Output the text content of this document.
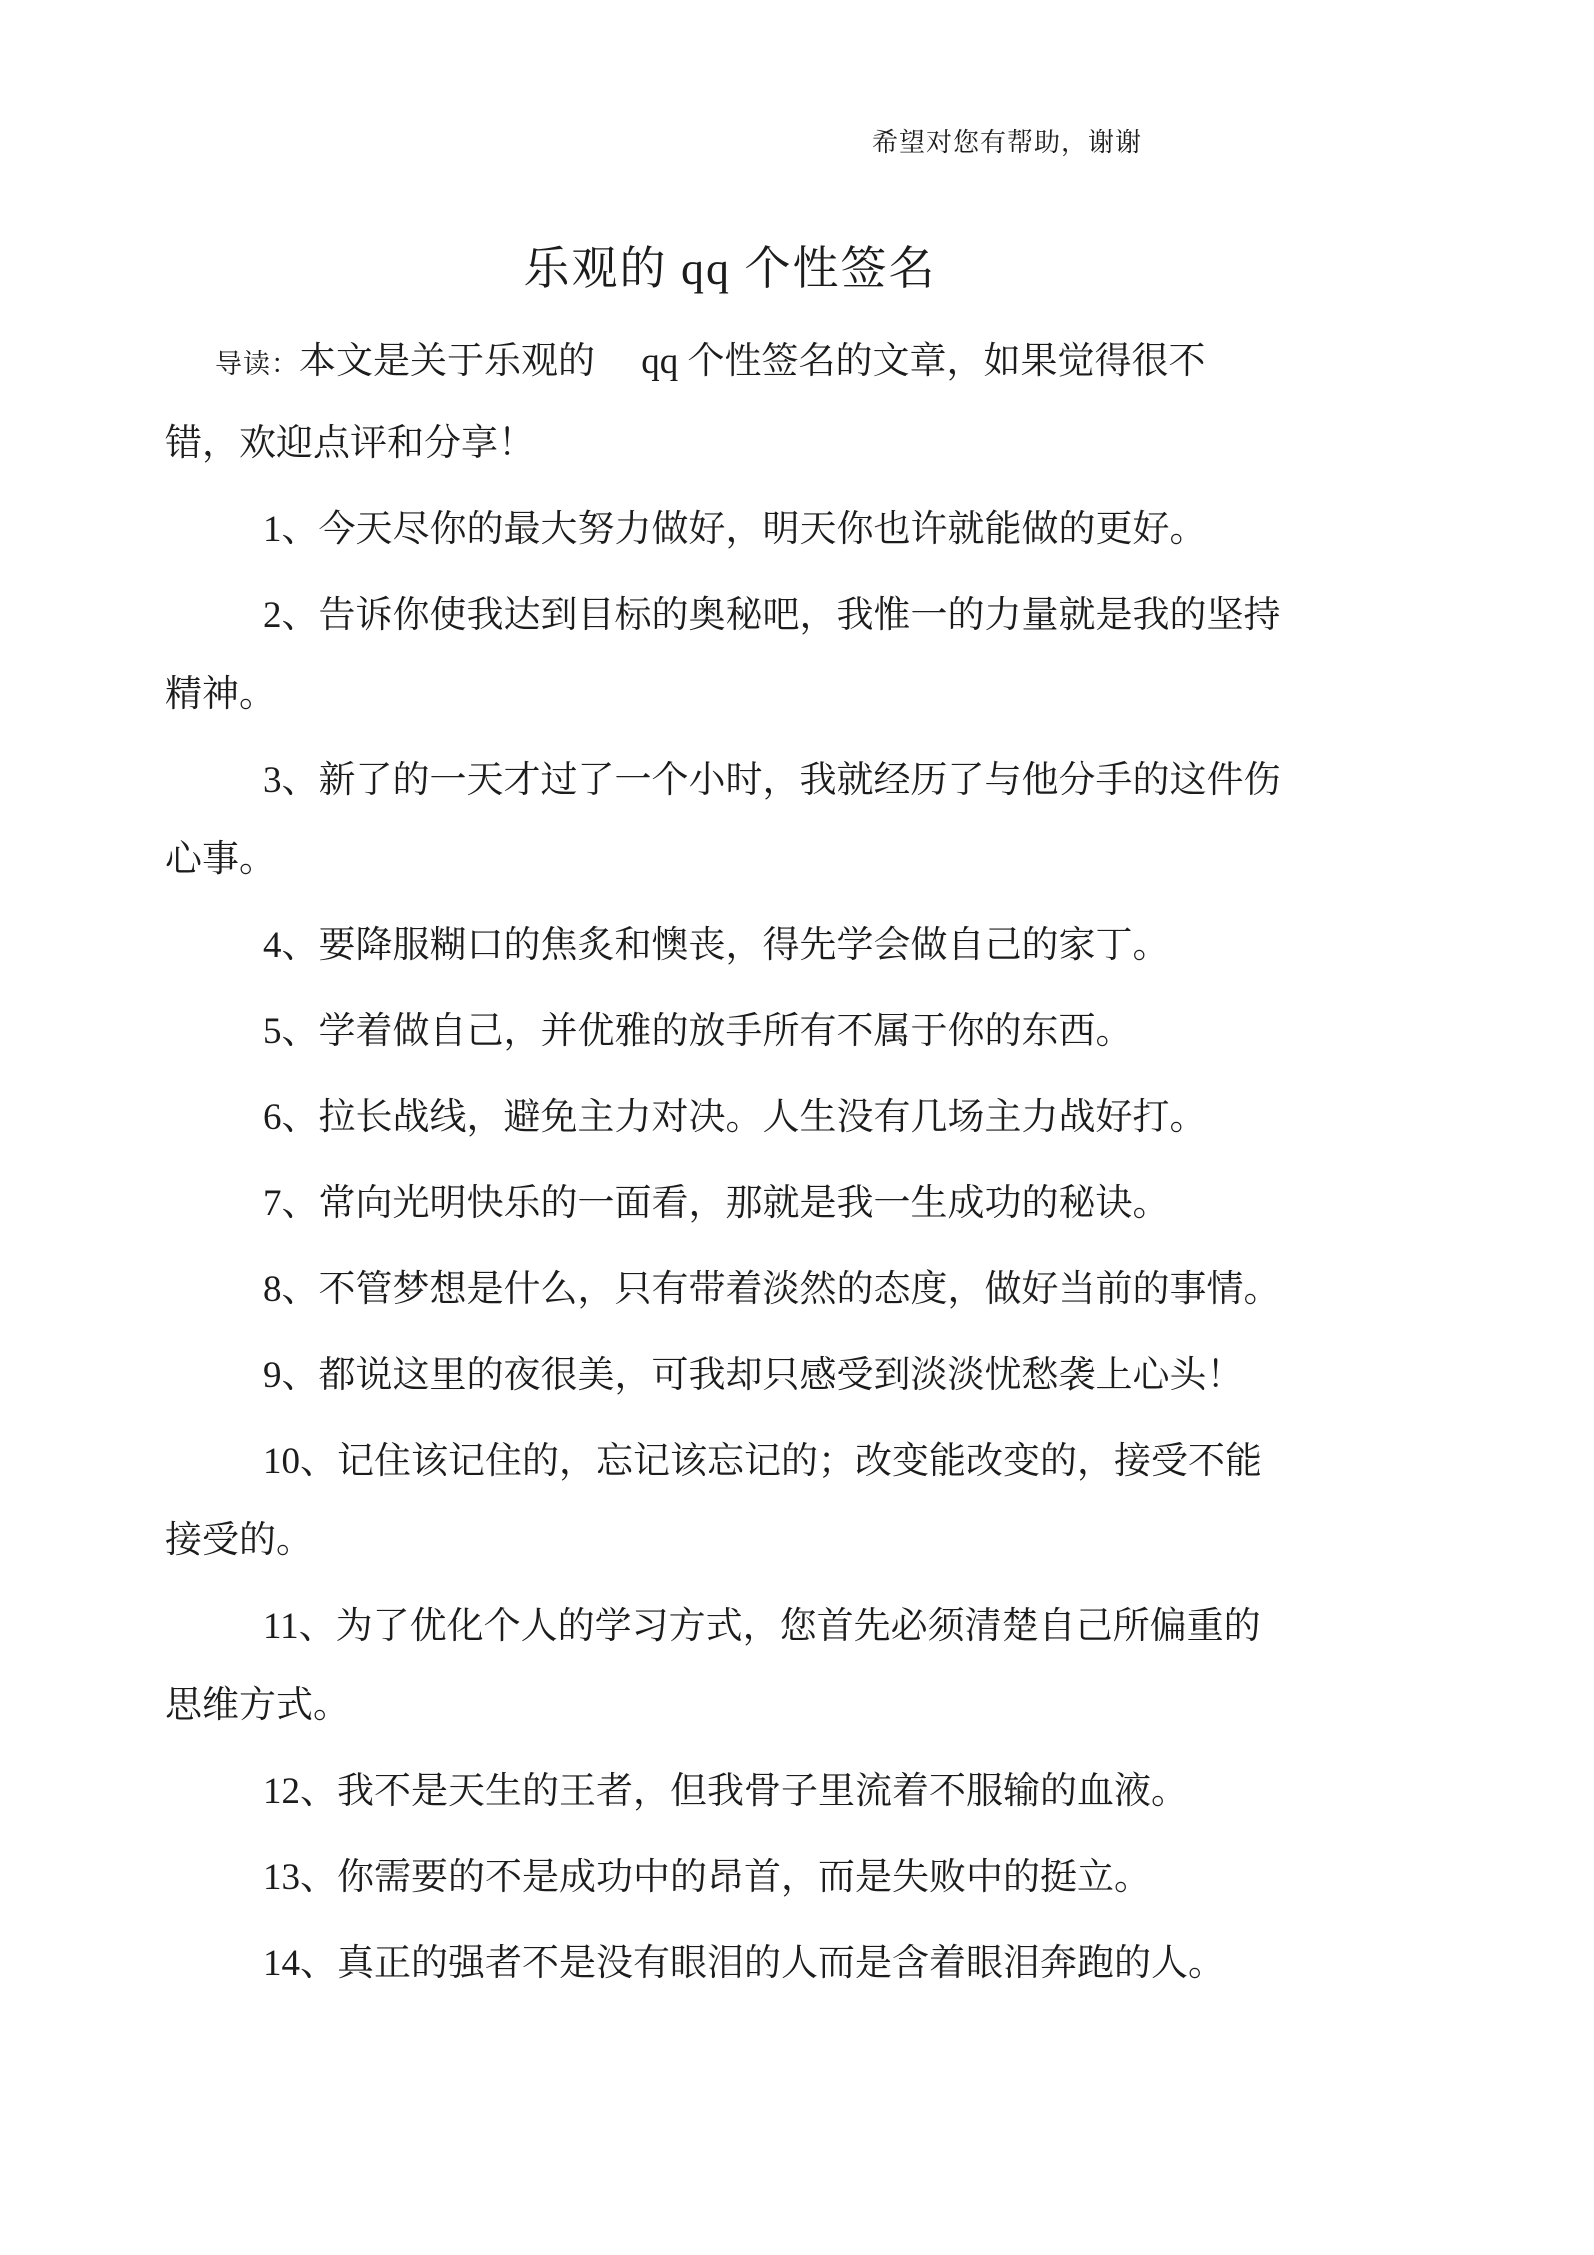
希望对您有帮助，谢谢
乐观的 qq 个性签名
导读：本文是关于乐观的　 qq 个性签名的文章，如果觉得很不
错，欢迎点评和分享！
1、今天尽你的最大努力做好，明天你也许就能做的更好。
2、告诉你使我达到目标的奥秘吧，我惟一的力量就是我的坚持
精神。
3、新了的一天才过了一个小时，我就经历了与他分手的这件伤
心事。
4、要降服糊口的焦炙和懊丧，得先学会做自己的家丁。
5、学着做自己，并优雅的放手所有不属于你的东西。
6、拉长战线，避免主力对决。人生没有几场主力战好打。
7、常向光明快乐的一面看，那就是我一生成功的秘诀。
8、不管梦想是什么，只有带着淡然的态度，做好当前的事情。
9、都说这里的夜很美，可我却只感受到淡淡忧愁袭上心头！
10、记住该记住的，忘记该忘记的；改变能改变的，接受不能
接受的。
11、为了优化个人的学习方式，您首先必须清楚自己所偏重的
思维方式。
12、我不是天生的王者，但我骨子里流着不服输的血液。
13、你需要的不是成功中的昂首，而是失败中的挺立。
14、真正的强者不是没有眼泪的人而是含着眼泪奔跑的人。
